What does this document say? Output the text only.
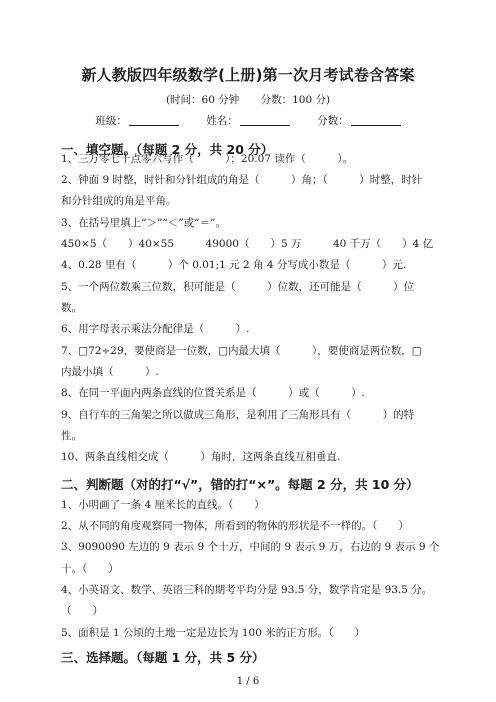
新人教版四年级数学(上册)第一次月考试卷含答案
(时间：60 分钟 分数：100 分)
班级：	姓名：	分数：
一、填空题。（每题 2 分，共 20 分）
1、三万零七十点零六写作（　　　）；20.07 读作（　　　）。
2、钟面 9 时整，时针和分针组成的角是（　　　）角；（　　　）时整，时针
和分针组成的角是平角。
3、在括号里填上“＞”“＜”或“＝”。
450×5（　　）40×55　　　49000（　　）5 万　　　40 千万（　　）4 亿
4、0.28 里有（　　　）个 0.01;1 元 2 角 4 分写成小数是（　　　）元.
5、一个两位数乘三位数，积可能是（　　　）位数，还可能是（　　　）位
数。
6、用字母表示乘法分配律是（　　　）.
7、□72÷29，要使商是一位数，□内最大填（　　　），要使商是两位数，□
内最小填（　　　）.
8、在同一平面内两条直线的位置关系是（　　　）或（　　　）.
9、自行车的三角架之所以做成三角形，是利用了三角形具有（　　　）的特
性。
10、两条直线相交成（　　　）角时，这两条直线互相垂直.
二、判断题（对的打“√”，错的打“×”。每题 2 分，共 10 分）
1、小明画了一条 4 厘米长的直线。（　　）
2、从不同的角度观察同一物体，所看到的物体的形状是不一样的。（　　）
3、9090090 左边的 9 表示 9 个十万，中间的 9 表示 9 万，右边的 9 表示 9 个
十。（　　）
4、小英语文、数学、英语三科的期考平均分是 93.5 分，数学肯定是 93.5 分。
（　　）
5、面积是 1 公顷的土地一定是边长为 100 米的正方形。（　　）
三、选择题。（每题 1 分，共 5 分）
1 / 6
